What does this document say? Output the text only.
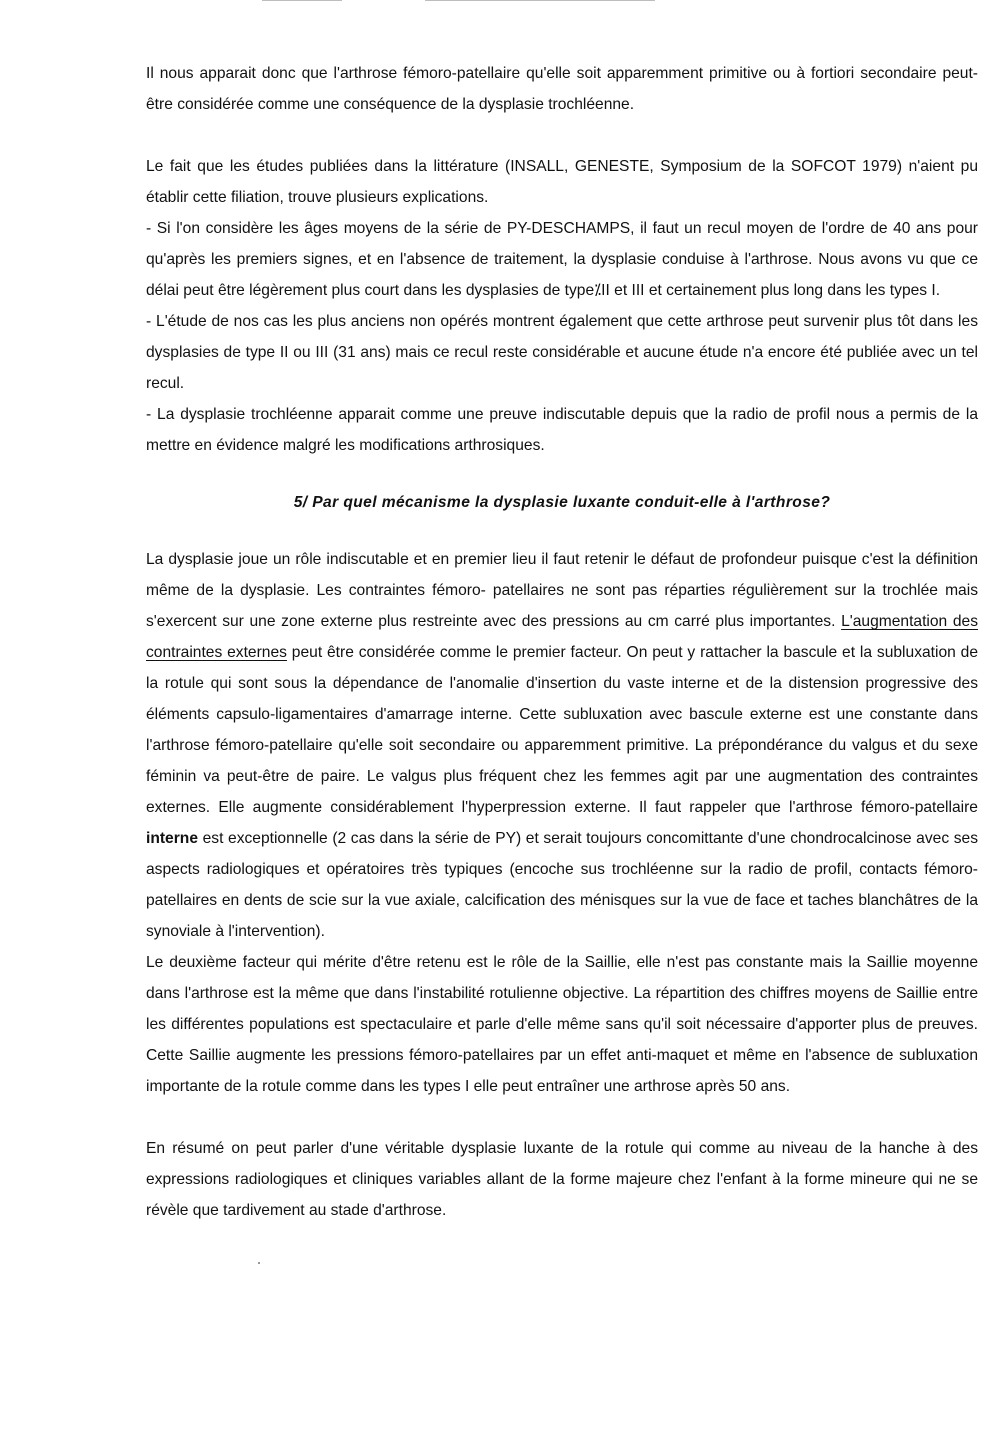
Il nous apparait donc que l'arthrose fémoro-patellaire qu'elle soit apparemment primitive ou à fortiori secondaire peut-être considérée comme une conséquence de la dysplasie trochléenne.

Le fait que les études publiées dans la littérature (INSALL, GENESTE, Symposium de la SOFCOT 1979) n'aient pu établir cette filiation, trouve plusieurs explications.

- Si l'on considère les âges moyens de la série de PY-DESCHAMPS, il faut un recul moyen de l'ordre de 40 ans pour qu'après les premiers signes, et en l'absence de traitement, la dysplasie conduise à l'arthrose. Nous avons vu que ce délai peut être légèrement plus court dans les dysplasies de type⁒II et III et certainement plus long dans les types I.

- L'étude de nos cas les plus anciens non opérés montrent également que cette arthrose peut survenir plus tôt dans les dysplasies de type II ou III (31 ans) mais ce recul reste considérable et aucune étude n'a encore été publiée avec un tel recul.

- La dysplasie trochléenne apparait comme une preuve indiscutable depuis que la radio de profil nous a permis de la mettre en évidence malgré les modifications arthrosiques.

5/ Par quel mécanisme la dysplasie luxante conduit-elle à l'arthrose?

La dysplasie joue un rôle indiscutable et en premier lieu il faut retenir le défaut de profondeur puisque c'est la définition même de la dysplasie. Les contraintes fémoro- patellaires ne sont pas réparties régulièrement sur la trochlée mais s'exercent sur une zone externe plus restreinte avec des pressions au cm carré plus importantes. L'augmentation des contraintes externes peut être considérée comme le premier facteur. On peut y rattacher la bascule et la subluxation de la rotule qui sont sous la dépendance de l'anomalie d'insertion du vaste interne et de la distension progressive des éléments capsulo-ligamentaires d'amarrage interne. Cette subluxation avec bascule externe est une constante dans l'arthrose fémoro-patellaire qu'elle soit secondaire ou apparemment primitive. La prépondérance du valgus et du sexe féminin va peut-être de paire. Le valgus plus fréquent chez les femmes agit par une augmentation des contraintes externes. Elle augmente considérablement l'hyperpression externe. Il faut rappeler que l'arthrose fémoro-patellaire interne est exceptionnelle (2 cas dans la série de PY) et serait toujours concomittante d'une chondrocalcinose avec ses aspects radiologiques et opératoires très typiques (encoche sus trochléenne sur la radio de profil, contacts fémoro-patellaires en dents de scie sur la vue axiale, calcification des ménisques sur la vue de face et taches blanchâtres de la synoviale à l'intervention).

Le deuxième facteur qui mérite d'être retenu est le rôle de la Saillie, elle n'est pas constante mais la Saillie moyenne dans l'arthrose est la même que dans l'instabilité rotulienne objective. La répartition des chiffres moyens de Saillie entre les différentes populations est spectaculaire et parle d'elle même sans qu'il soit nécessaire d'apporter plus de preuves. Cette Saillie augmente les pressions fémoro-patellaires par un effet anti-maquet et même en l'absence de subluxation importante de la rotule comme dans les types I elle peut entraîner une arthrose après 50 ans.

En résumé on peut parler d'une véritable dysplasie luxante de la rotule qui comme au niveau de la hanche à des expressions radiologiques et cliniques variables allant de la forme majeure chez l'enfant à la forme mineure qui ne se révèle que tardivement au stade d'arthrose.
